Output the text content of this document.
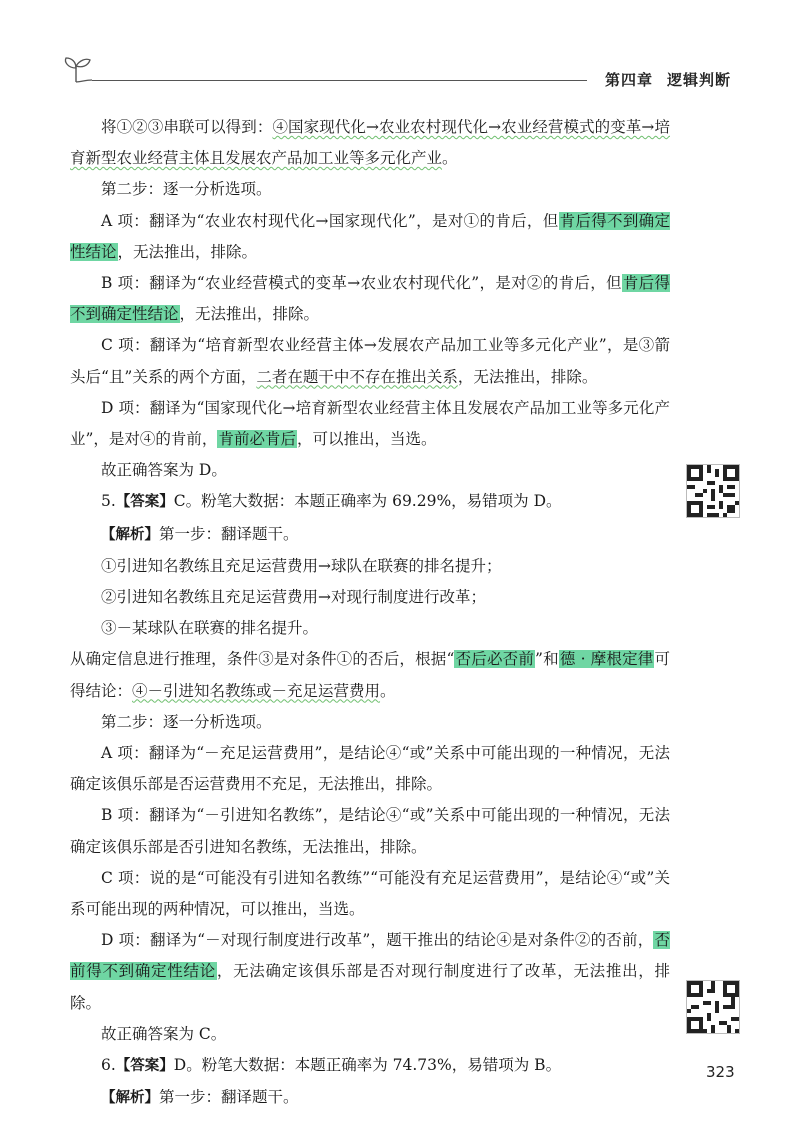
第四章 逻辑判断

将①②③串联可以得到：④国家现代化→农业农村现代化→农业经营模式的变革→培育新型农业经营主体且发展农产品加工业等多元化产业。

第二步：逐一分析选项。

A 项：翻译为“农业农村现代化→国家现代化”，是对①的肯后，但肯后得不到确定性结论，无法推出，排除。

B 项：翻译为“农业经营模式的变革→农业农村现代化”，是对②的肯后，但肯后得不到确定性结论，无法推出，排除。

C 项：翻译为“培育新型农业经营主体→发展农产品加工业等多元化产业”，是③箭头后“且”关系的两个方面，二者在题干中不存在推出关系，无法推出，排除。

D 项：翻译为“国家现代化→培育新型农业经营主体且发展农产品加工业等多元化产业”，是对④的肯前，肯前必肯后，可以推出，当选。

故正确答案为 D。

5.【答案】C。粉笔大数据：本题正确率为 69.29%，易错项为 D。

【解析】第一步：翻译题干。

①引进知名教练且充足运营费用→球队在联赛的排名提升；

②引进知名教练且充足运营费用→对现行制度进行改革；

③－某球队在联赛的排名提升。

从确定信息进行推理，条件③是对条件①的否后，根据“否后必否前”和德 · 摩根定律可得结论：④－引进知名教练或－充足运营费用。

第二步：逐一分析选项。

A 项：翻译为“－充足运营费用”，是结论④“或”关系中可能出现的一种情况，无法确定该俱乐部是否运营费用不充足，无法推出，排除。

B 项：翻译为“－引进知名教练”，是结论④“或”关系中可能出现的一种情况，无法确定该俱乐部是否引进知名教练，无法推出，排除。

C 项：说的是“可能没有引进知名教练”“可能没有充足运营费用”，是结论④“或”关系可能出现的两种情况，可以推出，当选。

D 项：翻译为“－对现行制度进行改革”，题干推出的结论④是对条件②的否前，否前得不到确定性结论，无法确定该俱乐部是否对现行制度进行了改革，无法推出，排除。

故正确答案为 C。

6.【答案】D。粉笔大数据：本题正确率为 74.73%，易错项为 B。

【解析】第一步：翻译题干。

323
